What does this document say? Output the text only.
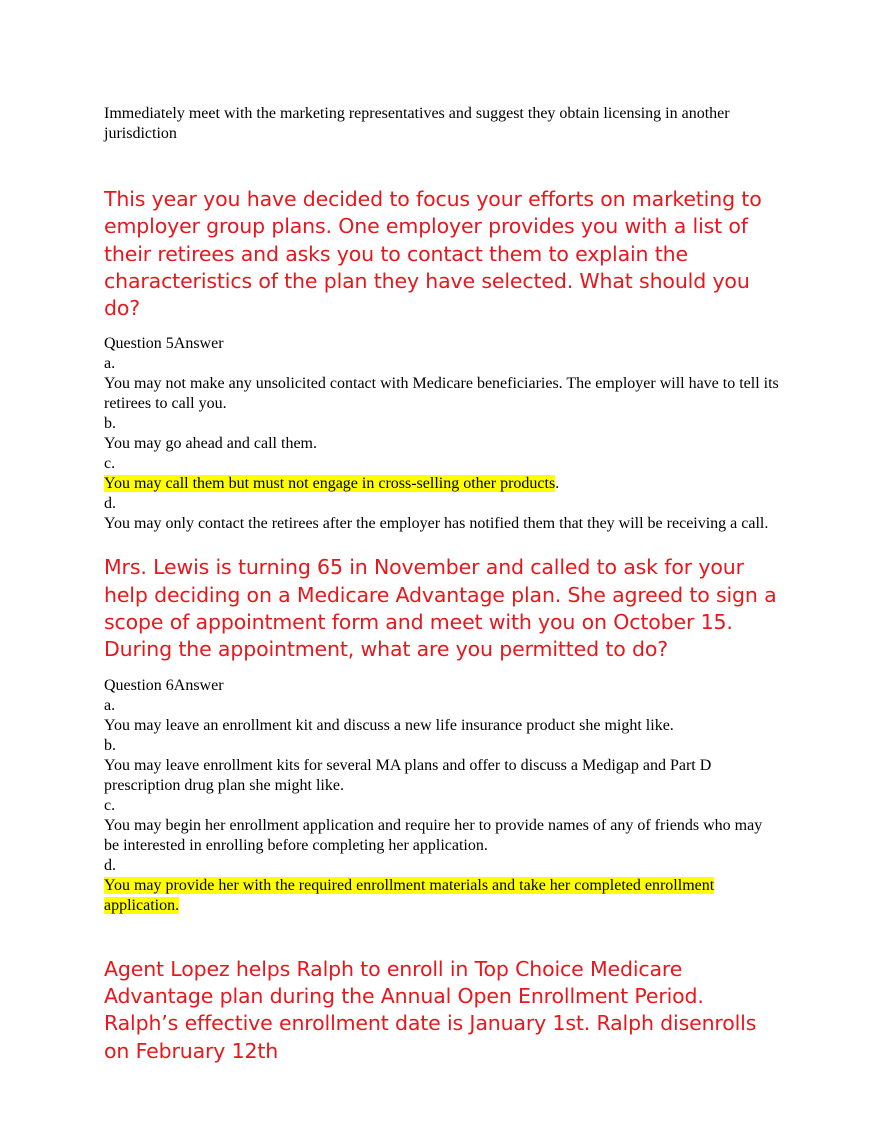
Immediately meet with the marketing representatives and suggest they obtain licensing in another jurisdiction

This year you have decided to focus your efforts on marketing to employer group plans. One employer provides you with a list of their retirees and asks you to contact them to explain the characteristics of the plan they have selected. What should you do?

Question 5Answer

a.

You may not make any unsolicited contact with Medicare beneficiaries. The employer will have to tell its retirees to call you.

b.

You may go ahead and call them.

c.

You may call them but must not engage in cross-selling other products.

d.

You may only contact the retirees after the employer has notified them that they will be receiving a call.

Mrs. Lewis is turning 65 in November and called to ask for your help deciding on a Medicare Advantage plan. She agreed to sign a scope of appointment form and meet with you on October 15. During the appointment, what are you permitted to do?

Question 6Answer

a.

You may leave an enrollment kit and discuss a new life insurance product she might like.

b.

You may leave enrollment kits for several MA plans and offer to discuss a Medigap and Part D prescription drug plan she might like.

c.

You may begin her enrollment application and require her to provide names of any of friends who may be interested in enrolling before completing her application.

d.

You may provide her with the required enrollment materials and take her completed enrollment application.

Agent Lopez helps Ralph to enroll in Top Choice Medicare Advantage plan during the Annual Open Enrollment Period. Ralph’s effective enrollment date is January 1st. Ralph disenrolls on February 12th
